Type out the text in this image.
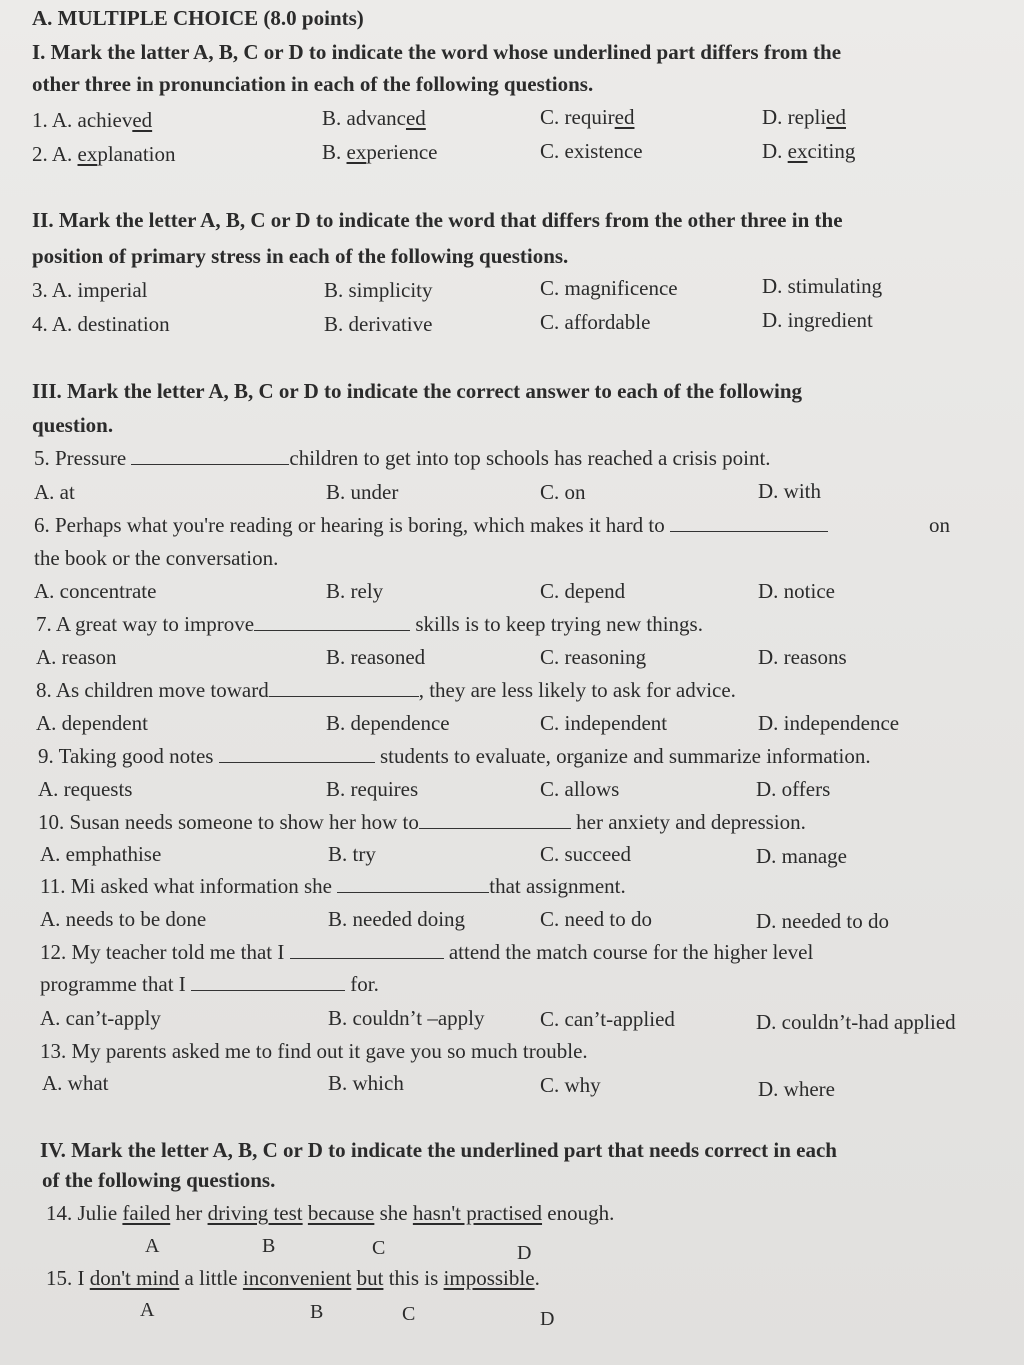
A. MULTIPLE CHOICE (8.0 points)
I. Mark the latter A, B, C or D to indicate the word whose underlined part differs from the
other three in pronunciation in each of the following questions.
1. A. achieved	B. advanced	C. required	D. replied
2. A. explanation	B. experience	C. existence	D. exciting
II. Mark the letter A, B, C or D to indicate the word that differs from the other three in the
position of primary stress in each of the following questions.
3. A. imperial	B. simplicity	C. magnificence	D. stimulating
4. A. destination	B. derivative	C. affordable	D. ingredient
III. Mark the letter A, B, C or D to indicate the correct answer to each of the following
question.
5. Pressure	children to get into top schools has reached a crisis point.
A. at	B. under	C. on	D. with
6. Perhaps what you're reading or hearing is boring, which makes it hard to	on
the book or the conversation.
A. concentrate	B. rely	C. depend	D. notice
7. A great way to improve	skills is to keep trying new things.
A. reason	B. reasoned	C. reasoning	D. reasons
8. As children move toward	, they are less likely to ask for advice.
A. dependent	B. dependence	C. independent	D. independence
9. Taking good notes	students to evaluate, organize and summarize information.
A. requests	B. requires	C. allows	D. offers
10. Susan needs someone to show her how to	her anxiety and depression.
A. emphathise	B. try	C. succeed	D. manage
11. Mi asked what information she	that assignment.
A. needs to be done	B. needed doing	C. need to do	D. needed to do
12. My teacher told me that I	attend the match course for the higher level
programme that I	for.
A. can’t-apply	B. couldn’t –apply	C. can’t-applied	D. couldn’t-had applied
13. My parents asked me to find out it gave you so much trouble.
A. what	B. which	C. why	D. where
IV. Mark the letter A, B, C or D to indicate the underlined part that needs correct in each
of the following questions.
14. Julie failed her driving test because she hasn't practised enough.
A	B	C	D
15. I don't mind a little inconvenient but this is impossible.
A	B	C	D
